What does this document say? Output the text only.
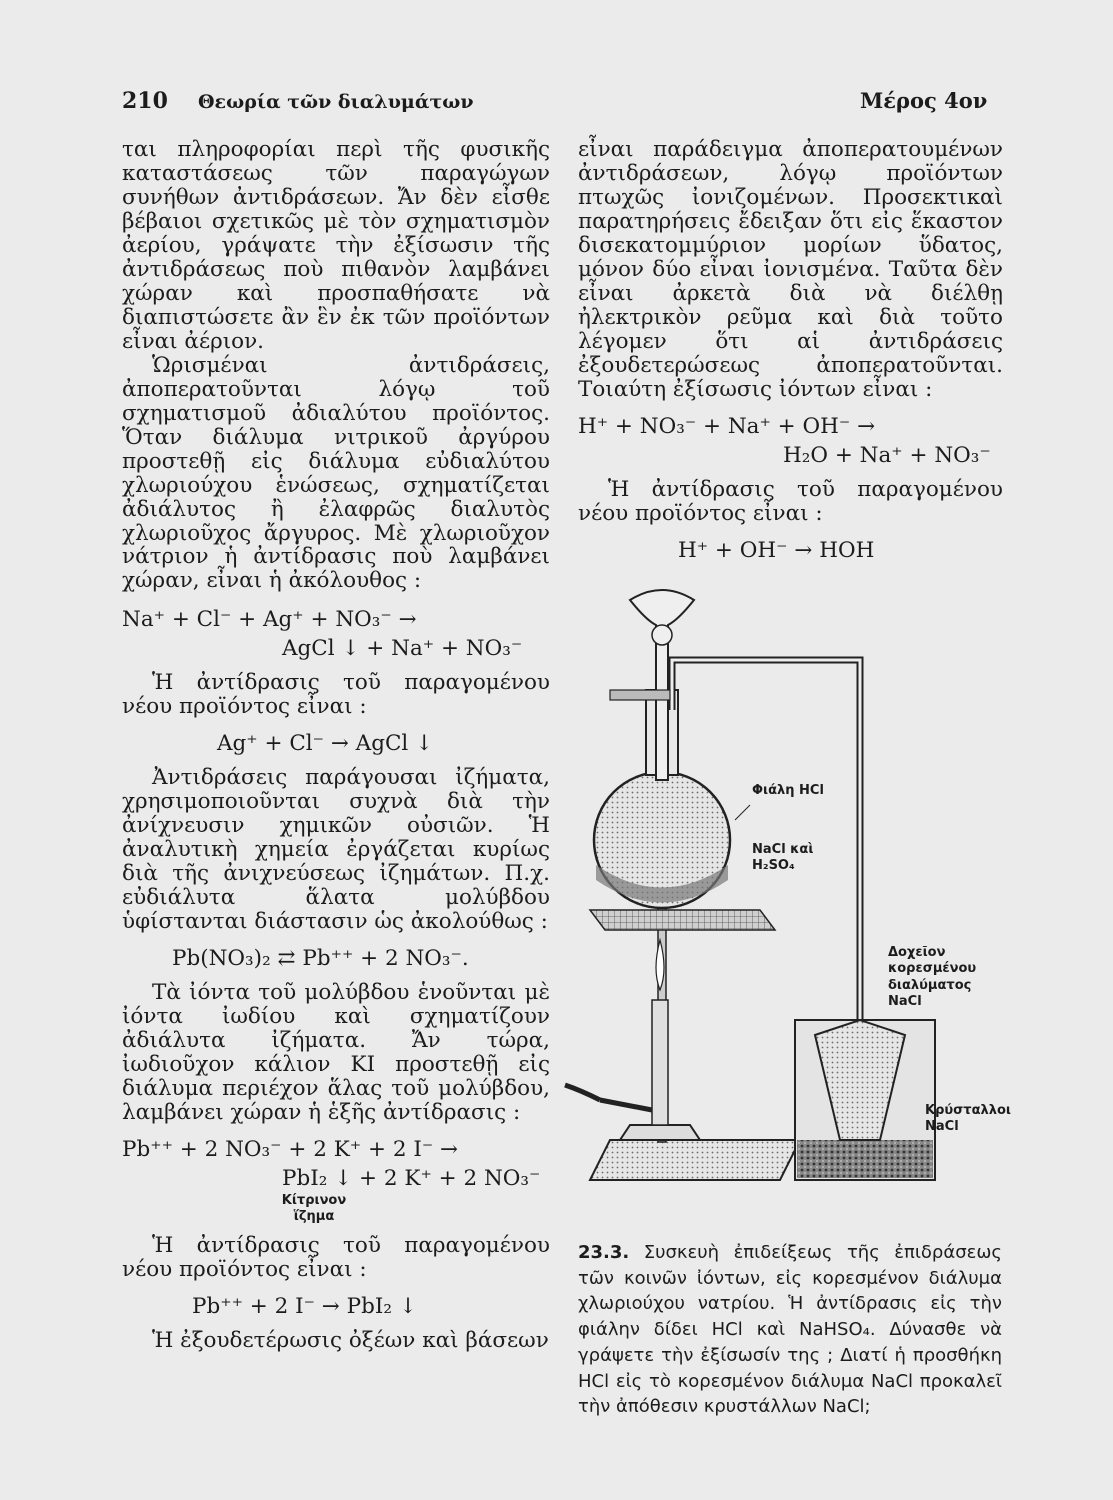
210 Θεωρία τῶν διαλυμάτων	Μέρος 4ον

ται πληροφορίαι περὶ τῆς φυσικῆς καταστάσεως τῶν παραγώγων συνήθων ἀντιδράσεων. Ἄν δὲν εἶσθε βέβαιοι σχετικῶς μὲ τὸν σχηματισμὸν ἀερίου, γράψατε τὴν ἐξίσωσιν τῆς ἀντιδράσεως ποὺ πιθανὸν λαμβάνει χώραν καὶ προσπαθήσατε νὰ διαπιστώσετε ἂν ἓν ἐκ τῶν προϊόντων εἶναι ἀέριον.

Ὡρισμέναι ἀντιδράσεις, ἀποπερατοῦνται λόγῳ τοῦ σχηματισμοῦ ἀδιαλύτου προϊόντος. Ὅταν διάλυμα νιτρικοῦ ἀργύρου προστεθῇ εἰς διάλυμα εὐδιαλύτου χλωριούχου ἑνώσεως, σχηματίζεται ἀδιάλυτος ἢ ἐλαφρῶς διαλυτὸς χλωριοῦχος ἄργυρος. Μὲ χλωριοῦχον νάτριον ἡ ἀντίδρασις ποὺ λαμβάνει χώραν, εἶναι ἡ ἀκόλουθος :

Na⁺ + Cl⁻ + Ag⁺ + NO₃⁻ →
AgCl ↓ + Na⁺ + NO₃⁻

Ἡ ἀντίδρασις τοῦ παραγομένου νέου προϊόντος εἶναι :

Ag⁺ + Cl⁻ → AgCl ↓

Ἀντιδράσεις παράγουσαι ἰζήματα, χρησιμοποιοῦνται συχνὰ διὰ τὴν ἀνίχνευσιν χημικῶν οὐσιῶν. Ἡ ἀναλυτικὴ χημεία ἐργάζεται κυρίως διὰ τῆς ἀνιχνεύσεως ἰζημάτων. Π.χ. εὐδιάλυτα ἅλατα μολύβδου ὑφίστανται διάστασιν ὡς ἀκολούθως :

Pb(NO₃)₂ ⇄ Pb⁺⁺ + 2 NO₃⁻.

Τὰ ἰόντα τοῦ μολύβδου ἑνοῦνται μὲ ἰόντα ἰωδίου καὶ σχηματίζουν ἀδιάλυτα ἰζήματα. Ἄν τώρα, ἰωδιοῦχον κάλιον KI προστεθῇ εἰς διάλυμα περιέχον ἅλας τοῦ μολύβδου, λαμβάνει χώραν ἡ ἑξῆς ἀντίδρασις :

Pb⁺⁺ + 2 NO₃⁻ + 2 K⁺ + 2 I⁻ →
PbI₂ ↓ + 2 K⁺ + 2 NO₃⁻
Κίτρινον ἵζημα

Ἡ ἀντίδρασις τοῦ παραγομένου νέου προϊόντος εἶναι :

Pb⁺⁺ + 2 I⁻ → PbI₂ ↓

Ἡ ἐξουδετέρωσις ὀξέων καὶ βάσεων

εἶναι παράδειγμα ἀποπερατουμένων ἀντιδράσεων, λόγῳ προϊόντων πτωχῶς ἰονιζομένων. Προσεκτικαὶ παρατηρήσεις ἔδειξαν ὅτι εἰς ἕκαστον δισεκατομμύριον μορίων ὕδατος, μόνον δύο εἶναι ἰονισμένα. Ταῦτα δὲν εἶναι ἀρκετὰ διὰ νὰ διέλθῃ ἠλεκτρικὸν ρεῦμα καὶ διὰ τοῦτο λέγομεν ὅτι αἱ ἀντιδράσεις ἐξουδετερώσεως ἀποπερατοῦνται. Τοιαύτη ἐξίσωσις ἰόντων εἶναι :

H⁺ + NO₃⁻ + Na⁺ + OH⁻ →
H₂O + Na⁺ + NO₃⁻

Ἡ ἀντίδρασις τοῦ παραγομένου νέου προϊόντος εἶναι :

H⁺ + OH⁻ → HOH
Φιάλη HCl
NaCl καὶ
H₂SO₄
Δοχεῖον
κορεσμένου
διαλύματος
NaCl
Κρύσταλλοι
NaCl
23.3. Συσκευὴ ἐπιδείξεως τῆς ἐπιδράσεως τῶν κοινῶν ἰόντων, εἰς κορεσμένον διάλυμα χλωριούχου νατρίου. Ἡ ἀντίδρασις εἰς τὴν φιάλην δίδει HCl καὶ NaHSO₄. Δύνασθε νὰ γράψετε τὴν ἐξίσωσίν της ; Διατί ἡ προσθήκη HCl εἰς τὸ κορεσμένον διάλυμα NaCl προκαλεῖ τὴν ἀπόθεσιν κρυστάλλων NaCl;
